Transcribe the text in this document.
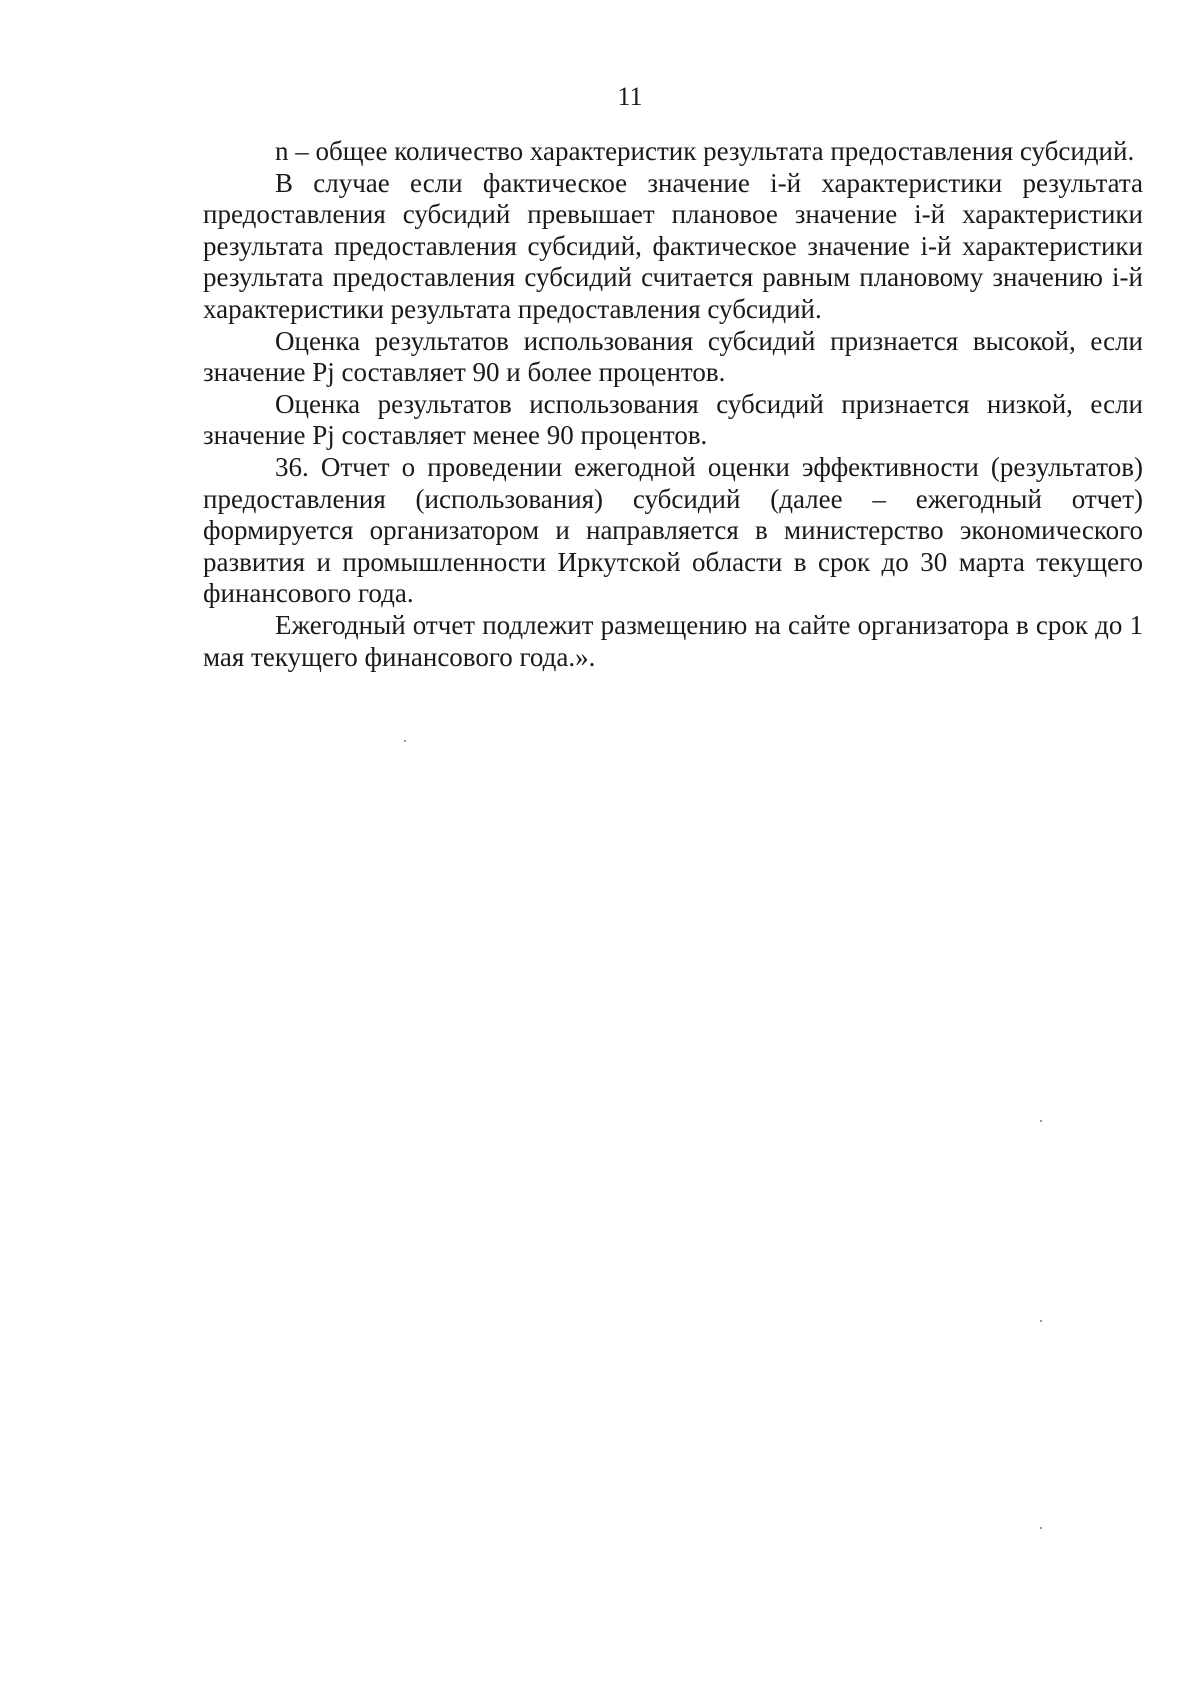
11

n – общее количество характеристик результата предоставления субсидий.

В случае если фактическое значение i-й характеристики результата предоставления субсидий превышает плановое значение i-й характеристики результата предоставления субсидий, фактическое значение i-й характеристики результата предоставления субсидий считается равным плановому значению i-й характеристики результата предоставления субсидий.

Оценка результатов использования субсидий признается высокой, если значение Pj составляет 90 и более процентов.

Оценка результатов использования субсидий признается низкой, если значение Pj составляет менее 90 процентов.

36. Отчет о проведении ежегодной оценки эффективности (результатов) предоставления (использования) субсидий (далее – ежегодный отчет) формируется организатором и направляется в министерство экономического развития и промышленности Иркутской области в срок до 30 марта текущего финансового года.

Ежегодный отчет подлежит размещению на сайте организатора в срок до 1 мая текущего финансового года.».
